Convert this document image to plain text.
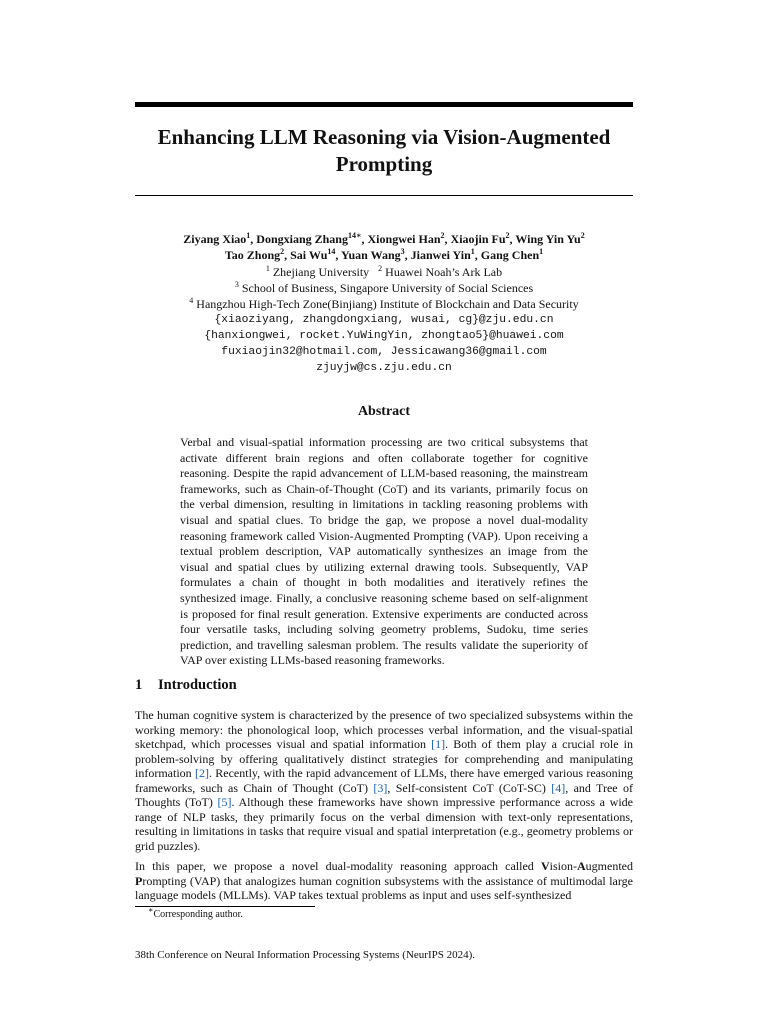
Enhancing LLM Reasoning via Vision-Augmented Prompting
Ziyang Xiao$^1$, Dongxiang Zhang$^{14∗}$, Xiongwei Han$^2$, Xiaojin Fu$^2$, Wing Yin Yu$^2$
Tao Zhong$^2$, Sai Wu$^{14}$, Yuan Wang$^3$, Jianwei Yin$^1$, Gang Chen$^1$
$^1$ Zhejiang University $^2$ Huawei Noah’s Ark Lab
$^3$ School of Business, Singapore University of Social Sciences
$^4$ Hangzhou High-Tech Zone(Binjiang) Institute of Blockchain and Data Security
{xiaoziyang, zhangdongxiang, wusai, cg}@zju.edu.cn
{hanxiongwei, rocket.YuWingYin, zhongtao5}@huawei.com
fuxiaojin32@hotmail.com, Jessicawang36@gmail.com
zjuyjw@cs.zju.edu.cn
Abstract
Verbal and visual-spatial information processing are two critical subsystems that activate different brain regions and often collaborate together for cognitive reasoning. Despite the rapid advancement of LLM-based reasoning, the mainstream frameworks, such as Chain-of-Thought (CoT) and its variants, primarily focus on the verbal dimension, resulting in limitations in tackling reasoning problems with visual and spatial clues. To bridge the gap, we propose a novel dual-modality reasoning framework called Vision-Augmented Prompting (VAP). Upon receiving a textual problem description, VAP automatically synthesizes an image from the visual and spatial clues by utilizing external drawing tools. Subsequently, VAP formulates a chain of thought in both modalities and iteratively refines the synthesized image. Finally, a conclusive reasoning scheme based on self-alignment is proposed for final result generation. Extensive experiments are conducted across four versatile tasks, including solving geometry problems, Sudoku, time series prediction, and travelling salesman problem. The results validate the superiority of VAP over existing LLMs-based reasoning frameworks.
1 Introduction

The human cognitive system is characterized by the presence of two specialized subsystems within the working memory: the phonological loop, which processes verbal information, and the visual-spatial sketchpad, which processes visual and spatial information [1]. Both of them play a crucial role in problem-solving by offering qualitatively distinct strategies for comprehending and manipulating information [2]. Recently, with the rapid advancement of LLMs, there have emerged various reasoning frameworks, such as Chain of Thought (CoT) [3], Self-consistent CoT (CoT-SC) [4], and Tree of Thoughts (ToT) [5]. Although these frameworks have shown impressive performance across a wide range of NLP tasks, they primarily focus on the verbal dimension with text-only representations, resulting in limitations in tasks that require visual and spatial interpretation (e.g., geometry problems or grid puzzles).

In this paper, we propose a novel dual-modality reasoning approach called Vision-Augmented Prompting (VAP) that analogizes human cognition subsystems with the assistance of multimodal large language models (MLLMs). VAP takes textual problems as input and uses self-synthesized

∗Corresponding author.
38th Conference on Neural Information Processing Systems (NeurIPS 2024).
